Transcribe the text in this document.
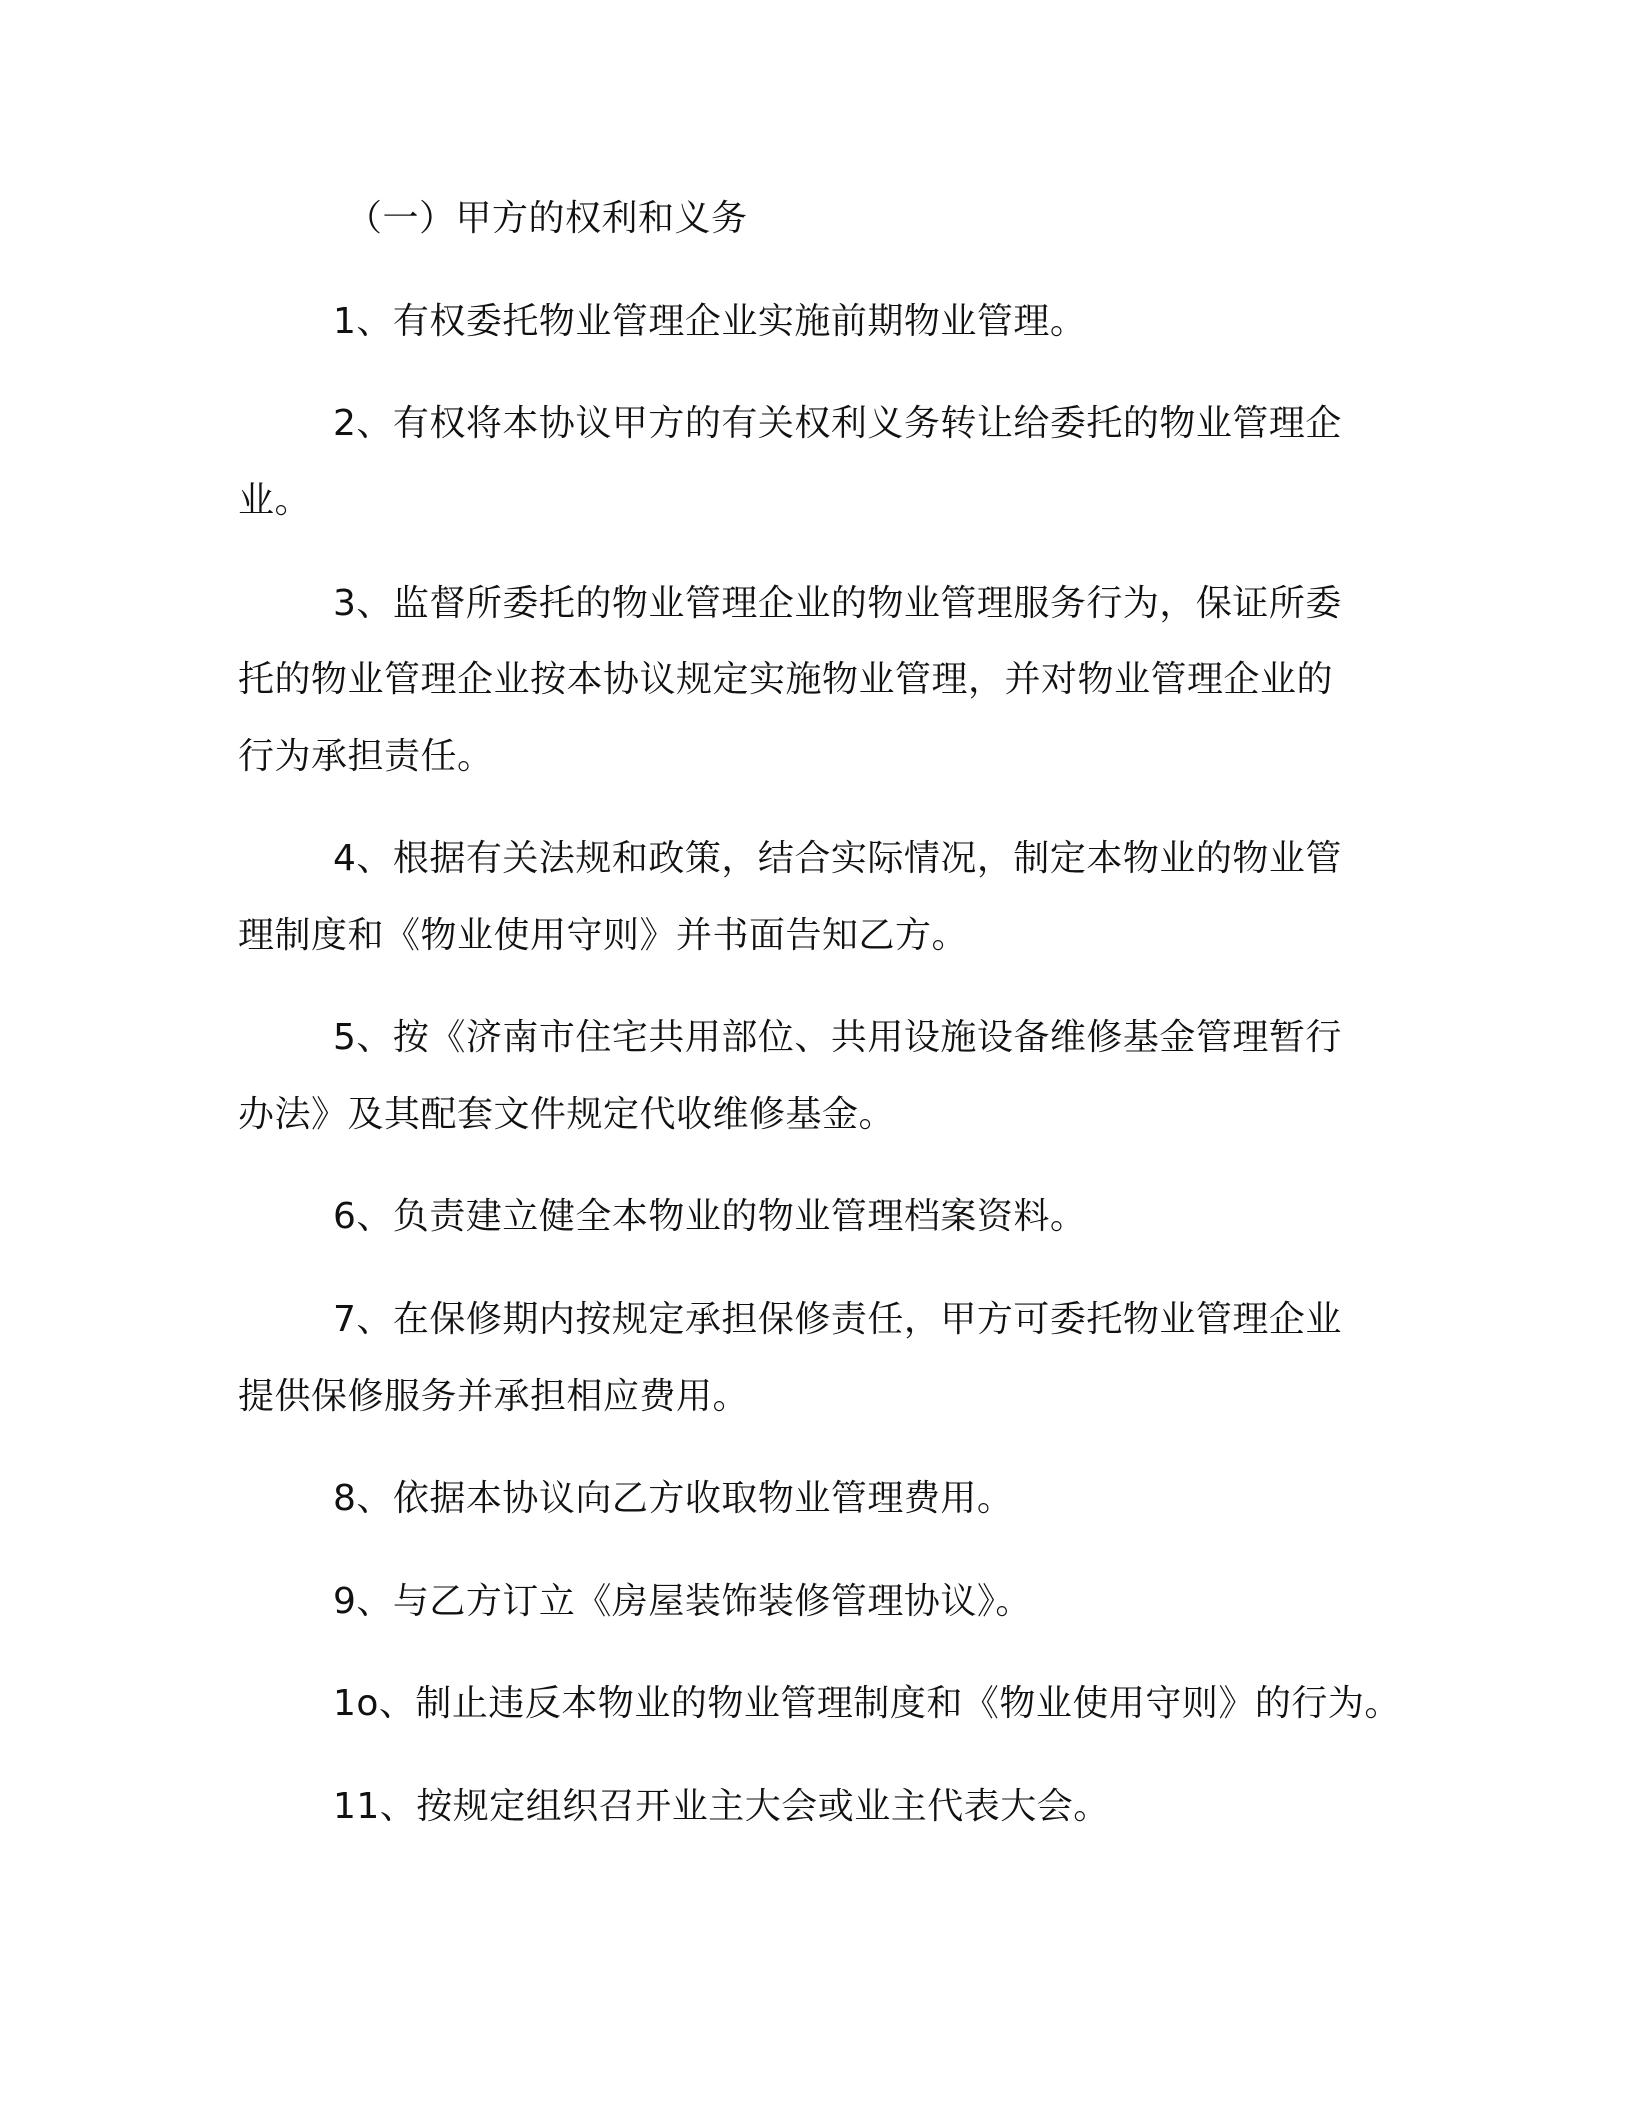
（一）甲方的权利和义务
1、有权委托物业管理企业实施前期物业管理。
2、有权将本协议甲方的有关权利义务转让给委托的物业管理企
业。
3、监督所委托的物业管理企业的物业管理服务行为，保证所委
托的物业管理企业按本协议规定实施物业管理，并对物业管理企业的
行为承担责任。
4、根据有关法规和政策，结合实际情况，制定本物业的物业管
理制度和《物业使用守则》并书面告知乙方。
5、按《济南市住宅共用部位、共用设施设备维修基金管理暂行
办法》及其配套文件规定代收维修基金。
6、负责建立健全本物业的物业管理档案资料。
7、在保修期内按规定承担保修责任，甲方可委托物业管理企业
提供保修服务并承担相应费用。
8、依据本协议向乙方收取物业管理费用。
9、与乙方订立《房屋装饰装修管理协议》。
1o、制止违反本物业的物业管理制度和《物业使用守则》的行为。
11、按规定组织召开业主大会或业主代表大会。
